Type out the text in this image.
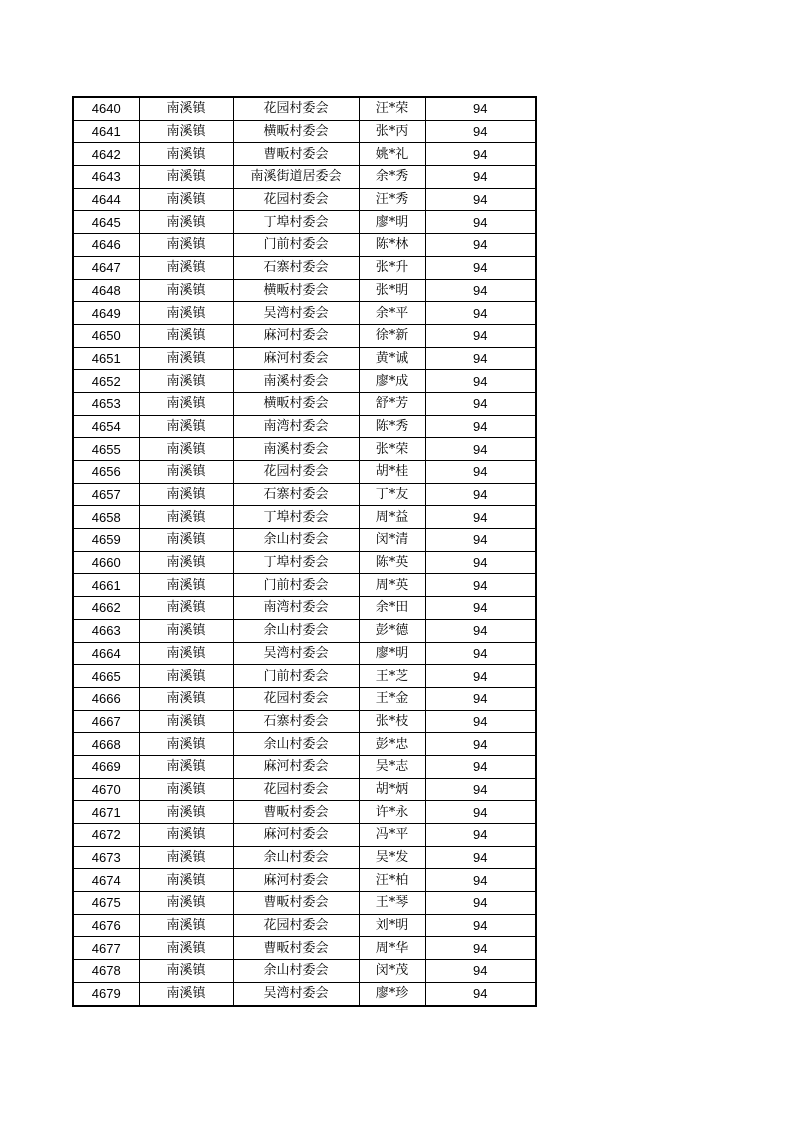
4640	南溪镇	花园村委会	汪*荣	94
4641	南溪镇	横畈村委会	张*丙	94
4642	南溪镇	曹畈村委会	姚*礼	94
4643	南溪镇	南溪街道居委会	余*秀	94
4644	南溪镇	花园村委会	汪*秀	94
4645	南溪镇	丁埠村委会	廖*明	94
4646	南溪镇	门前村委会	陈*林	94
4647	南溪镇	石寨村委会	张*升	94
4648	南溪镇	横畈村委会	张*明	94
4649	南溪镇	吴湾村委会	余*平	94
4650	南溪镇	麻河村委会	徐*新	94
4651	南溪镇	麻河村委会	黄*诚	94
4652	南溪镇	南溪村委会	廖*成	94
4653	南溪镇	横畈村委会	舒*芳	94
4654	南溪镇	南湾村委会	陈*秀	94
4655	南溪镇	南溪村委会	张*荣	94
4656	南溪镇	花园村委会	胡*桂	94
4657	南溪镇	石寨村委会	丁*友	94
4658	南溪镇	丁埠村委会	周*益	94
4659	南溪镇	余山村委会	闵*清	94
4660	南溪镇	丁埠村委会	陈*英	94
4661	南溪镇	门前村委会	周*英	94
4662	南溪镇	南湾村委会	余*田	94
4663	南溪镇	余山村委会	彭*德	94
4664	南溪镇	吴湾村委会	廖*明	94
4665	南溪镇	门前村委会	王*芝	94
4666	南溪镇	花园村委会	王*金	94
4667	南溪镇	石寨村委会	张*枝	94
4668	南溪镇	余山村委会	彭*忠	94
4669	南溪镇	麻河村委会	吴*志	94
4670	南溪镇	花园村委会	胡*炳	94
4671	南溪镇	曹畈村委会	许*永	94
4672	南溪镇	麻河村委会	冯*平	94
4673	南溪镇	余山村委会	吴*发	94
4674	南溪镇	麻河村委会	汪*柏	94
4675	南溪镇	曹畈村委会	王*琴	94
4676	南溪镇	花园村委会	刘*明	94
4677	南溪镇	曹畈村委会	周*华	94
4678	南溪镇	余山村委会	闵*茂	94
4679	南溪镇	吴湾村委会	廖*珍	94
